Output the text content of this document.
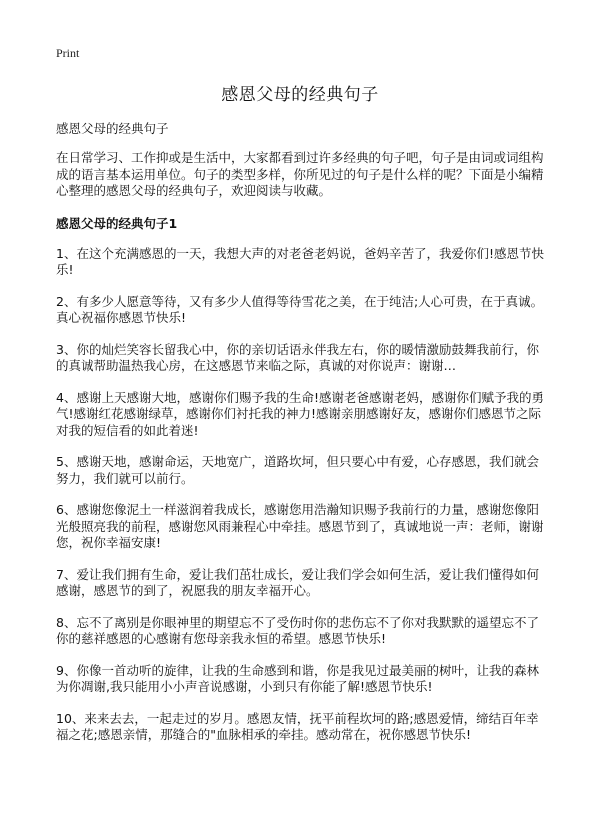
Print
感恩父母的经典句子

感恩父母的经典句子

在日常学习、工作抑或是生活中，大家都看到过许多经典的句子吧，句子是由词或词组构成的语言基本运用单位。句子的类型多样，你所见过的句子是什么样的呢？下面是小编精心整理的感恩父母的经典句子，欢迎阅读与收藏。

感恩父母的经典句子1

1、在这个充满感恩的一天，我想大声的对老爸老妈说，爸妈辛苦了，我爱你们!感恩节快乐!

2、有多少人愿意等待，又有多少人值得等待雪花之美，在于纯洁;人心可贵，在于真诚。真心祝福你感恩节快乐!

3、你的灿烂笑容长留我心中，你的亲切话语永伴我左右，你的暖情激励鼓舞我前行，你的真诚帮助温热我心房，在这感恩节来临之际，真诚的对你说声：谢谢…

4、感谢上天感谢大地，感谢你们赐予我的生命!感谢老爸感谢老妈，感谢你们赋予我的勇气!感谢红花感谢绿草，感谢你们衬托我的神力!感谢亲朋感谢好友，感谢你们感恩节之际对我的短信看的如此着迷!

5、感谢天地，感谢命运，天地宽广，道路坎坷，但只要心中有爱，心存感恩，我们就会努力，我们就可以前行。

6、感谢您像泥土一样滋润着我成长，感谢您用浩瀚知识赐予我前行的力量，感谢您像阳光般照亮我的前程，感谢您风雨兼程心中牵挂。感恩节到了，真诚地说一声：老师，谢谢您，祝你幸福安康!

7、爱让我们拥有生命，爱让我们茁壮成长，爱让我们学会如何生活，爱让我们懂得如何感谢，感恩节的到了，祝愿我的朋友幸福开心。

8、忘不了离别是你眼神里的期望忘不了受伤时你的悲伤忘不了你对我默默的遥望忘不了你的慈祥感恩的心感谢有您母亲我永恒的希望。感恩节快乐!

9、你像一首动听的旋律，让我的生命感到和谐，你是我见过最美丽的树叶，让我的森林为你凋谢,我只能用小小声音说感谢，小到只有你能了解!感恩节快乐!

10、来来去去，一起走过的岁月。感恩友情，抚平前程坎坷的路;感恩爱情，缔结百年幸福之花;感恩亲情，那缝合的"血脉相承的牵挂。感动常在，祝你感恩节快乐!
